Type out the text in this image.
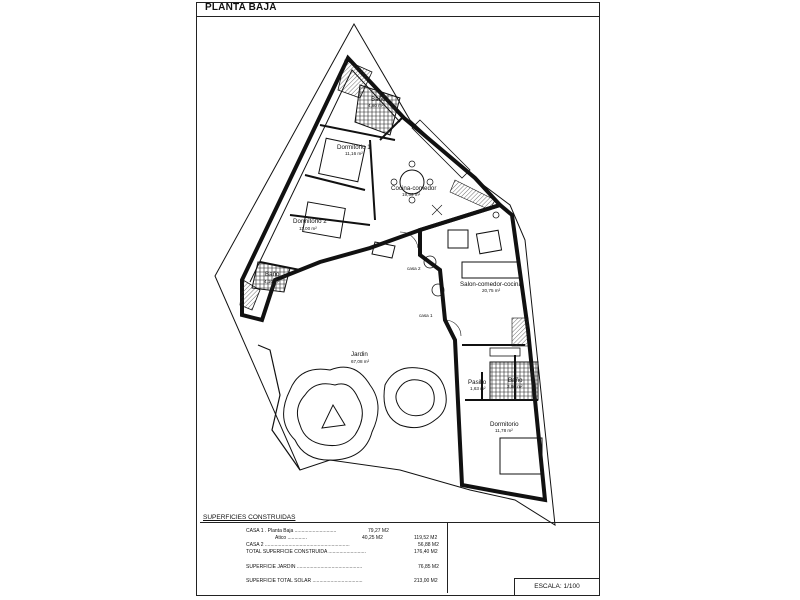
PLANTA BAJA
Baño
4,80 m²
Dormitorio 1
11,16 m²
Cocina-comedor
19,59 m²
Dormitorio 2
11,00 m²
Baño
4,10 m²	Salon-comedor-cocina
20,75 m²
Jardin
67,08 m²
Pasillo
1,63 m²
Baño
3,80 m²
Dormitorio
11,78 m²
casa 2
casa 1
SUPERFICIES CONSTRUIDAS
CASA 1 . Planta Baja ..............................	79,27 M2
Atico ..............	40,25 M2	119,52 M2
CASA 2 .............................................................	56,88 M2
TOTAL SUPERFICIE CONSTRUIDA ...........................	176,40 M2
SUPERFICIE JARDIN ...............................................	76,85 M2
SUPERFICIE TOTAL SOLAR ....................................	213,00 M2
ESCALA: 1/100
